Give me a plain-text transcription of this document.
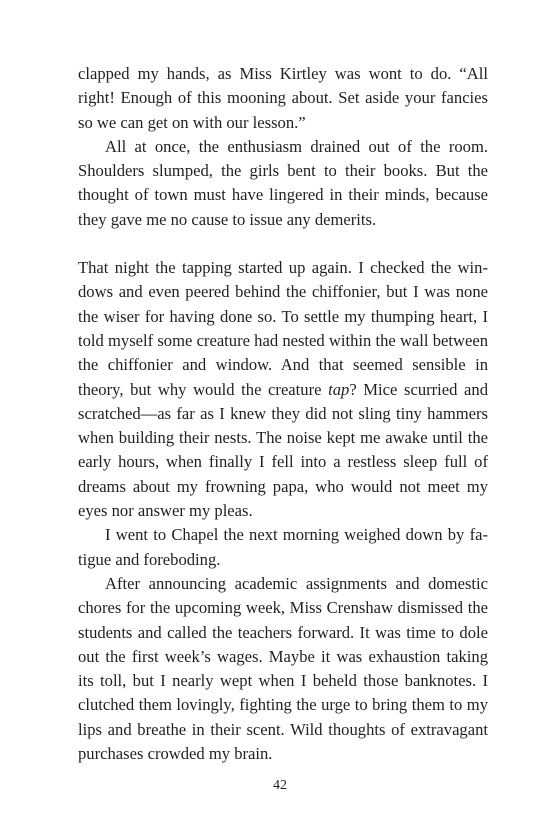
clapped my hands, as Miss Kirtley was wont to do. “All right! Enough of this mooning about. Set aside your fancies so we can get on with our lesson.”

All at once, the enthusiasm drained out of the room. Shoulders slumped, the girls bent to their books. But the thought of town must have lingered in their minds, because they gave me no cause to issue any demerits.

That night the tapping started up again. I checked the windows and even peered behind the chiffonier, but I was none the wiser for having done so. To settle my thumping heart, I told myself some creature had nested within the wall between the chiffonier and window. And that seemed sensible in theory, but why would the creature tap? Mice scurried and scratched—as far as I knew they did not sling tiny hammers when building their nests. The noise kept me awake until the early hours, when finally I fell into a restless sleep full of dreams about my frowning papa, who would not meet my eyes nor answer my pleas.

I went to Chapel the next morning weighed down by fatigue and foreboding.

After announcing academic assignments and domestic chores for the upcoming week, Miss Crenshaw dismissed the students and called the teachers forward. It was time to dole out the first week’s wages. Maybe it was exhaustion taking its toll, but I nearly wept when I beheld those banknotes. I clutched them lovingly, fighting the urge to bring them to my lips and breathe in their scent. Wild thoughts of extravagant purchases crowded my brain.

42
